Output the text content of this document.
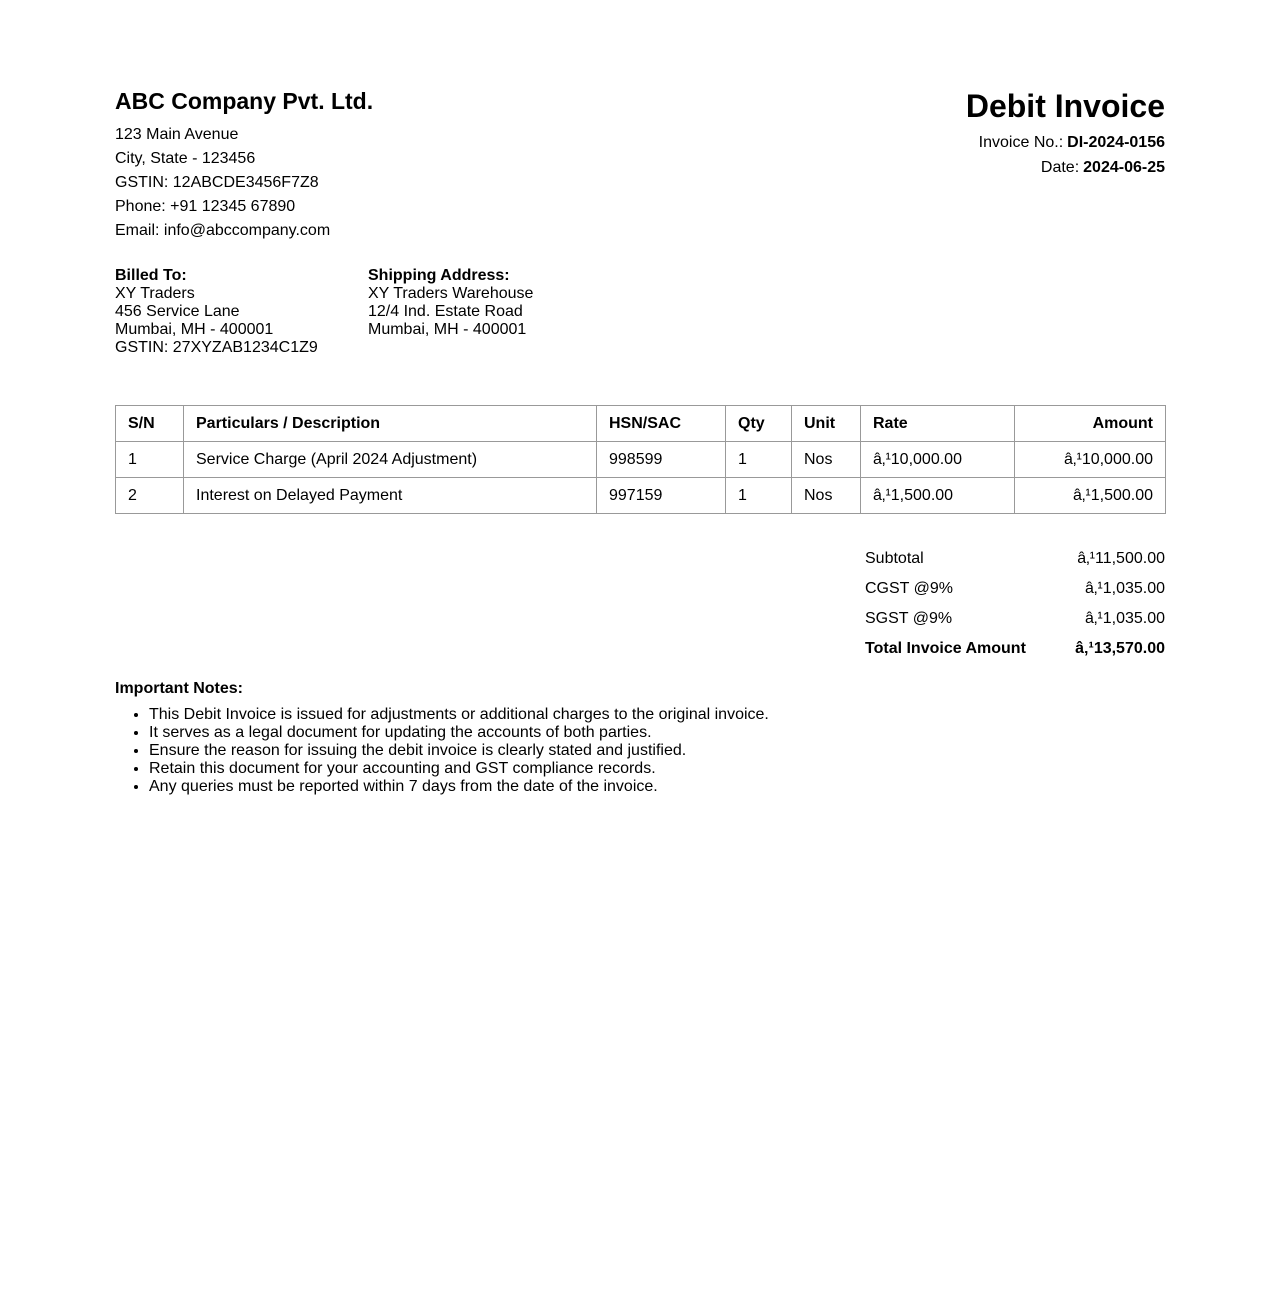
ABC Company Pvt. Ltd.
123 Main Avenue
City, State - 123456
GSTIN: 12ABCDE3456F7Z8
Phone: +91 12345 67890
Email: info@abccompany.com
Debit Invoice
Invoice No.: DI-2024-0156
Date: 2024-06-25
Billed To:
XY Traders
456 Service Lane
Mumbai, MH - 400001
GSTIN: 27XYZAB1234C1Z9
Shipping Address:
XY Traders Warehouse
12/4 Ind. Estate Road
Mumbai, MH - 400001
S/N	Particulars / Description	HSN/SAC	Qty	Unit	Rate	Amount
1	Service Charge (April 2024 Adjustment)	998599	1	Nos	â‚¹10,000.00	â‚¹10,000.00
2	Interest on Delayed Payment	997159	1	Nos	â‚¹1,500.00	â‚¹1,500.00
Subtotal	â‚¹11,500.00
CGST @9%	â‚¹1,035.00
SGST @9%	â‚¹1,035.00
Total Invoice Amount	â‚¹13,570.00
Important Notes:
• This Debit Invoice is issued for adjustments or additional charges to the original invoice.
• It serves as a legal document for updating the accounts of both parties.
• Ensure the reason for issuing the debit invoice is clearly stated and justified.
• Retain this document for your accounting and GST compliance records.
• Any queries must be reported within 7 days from the date of the invoice.
